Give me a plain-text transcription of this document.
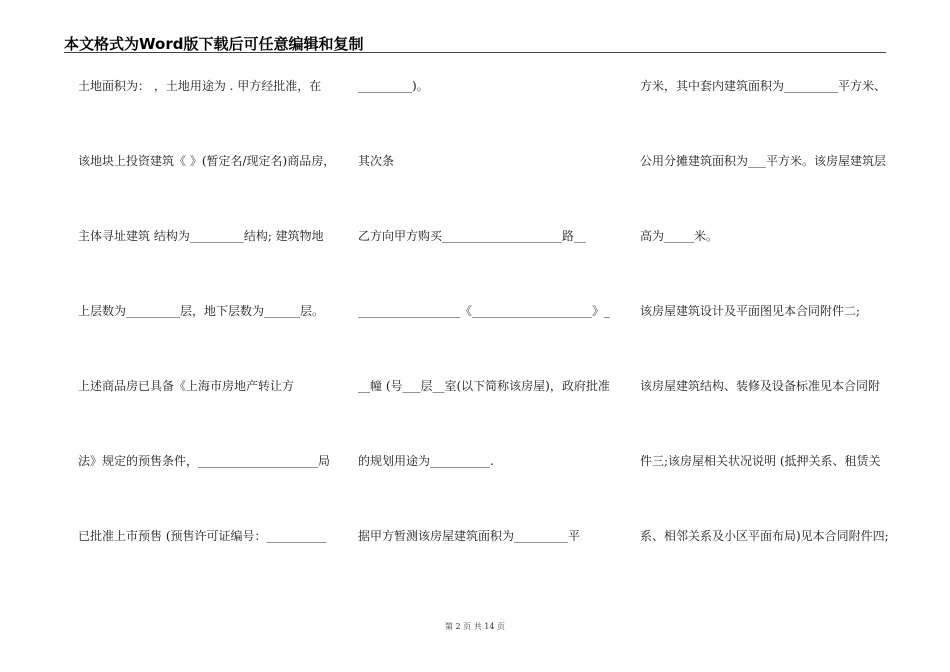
本文格式为Word版下载后可任意编辑和复制
土地面积为： ，土地用途为 . 甲方经批准，在
该地块上投资建筑《 》(暂定名/现定名)商品房，
主体寻址建筑 结构为_________结构; 建筑物地
上层数为_________层，地下层数为______层。
上述商品房已具备《上海市房地产转让方
法》规定的预售条件，____________________局
已批准上市预售 (预售许可证编号：__________
_________)。
其次条
乙方向甲方购买____________________路__
_________________《____________________》_
__幢 (号___层__室(以下简称该房屋)，政府批准
的规划用途为__________.
据甲方暂测该房屋建筑面积为_________平
方米，其中套内建筑面积为_________平方米、
公用分摊建筑面积为___平方米。该房屋建筑层
高为_____米。
该房屋建筑设计及平面图见本合同附件二;
该房屋建筑结构、装修及设备标准见本合同附
件三;该房屋相关状况说明 (抵押关系、租赁关
系、相邻关系及小区平面布局)见本合同附件四;
第 2 页 共 14 页
